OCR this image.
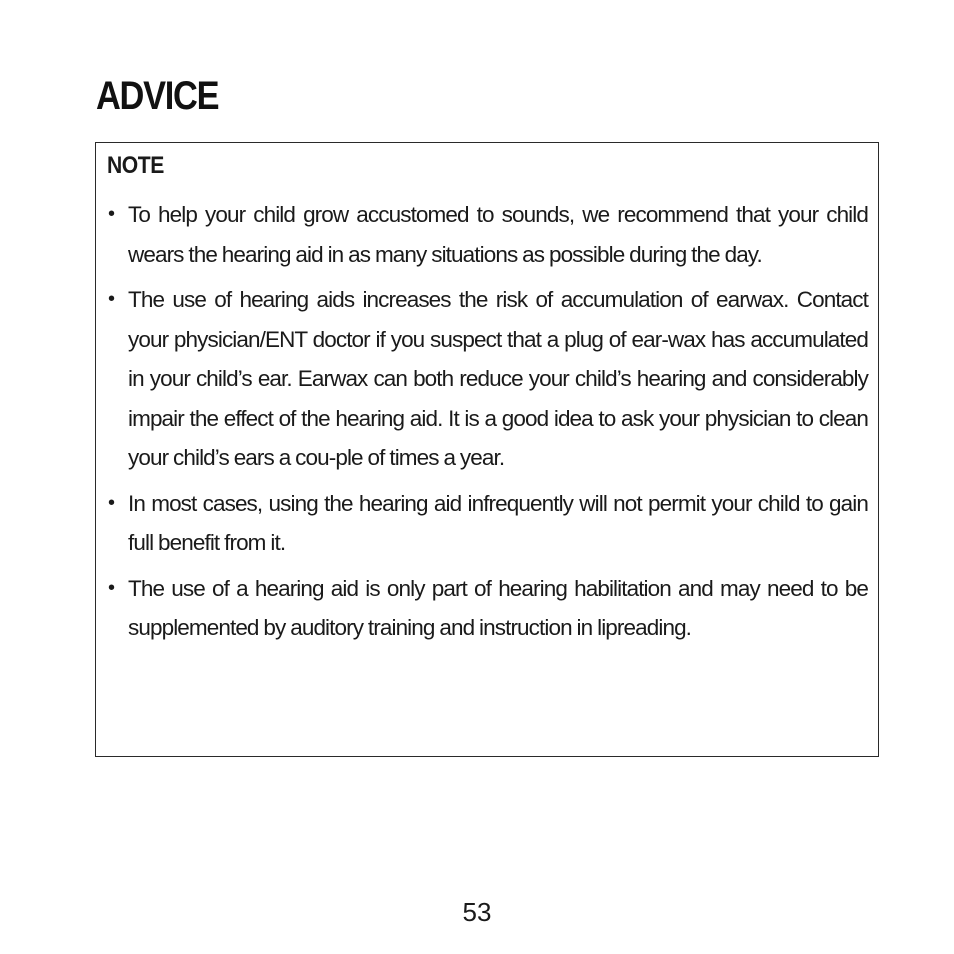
ADVICE
NOTE
• To help your child grow accustomed to sounds, we recommend that your child wears the hearing aid in as many situations as possible during the day.
• The use of hearing aids increases the risk of accumulation of earwax. Contact your physician/ENT doctor if you suspect that a plug of ear-wax has accumulated in your child’s ear. Earwax can both reduce your child’s hearing and considerably impair the effect of the hearing aid. It is a good idea to ask your physician to clean your child’s ears a cou-ple of times a year.
• In most cases, using the hearing aid infrequently will not permit your child to gain full benefit from it.
• The use of a hearing aid is only part of hearing habilitation and may need to be supplemented by auditory training and instruction in lipreading.
53
